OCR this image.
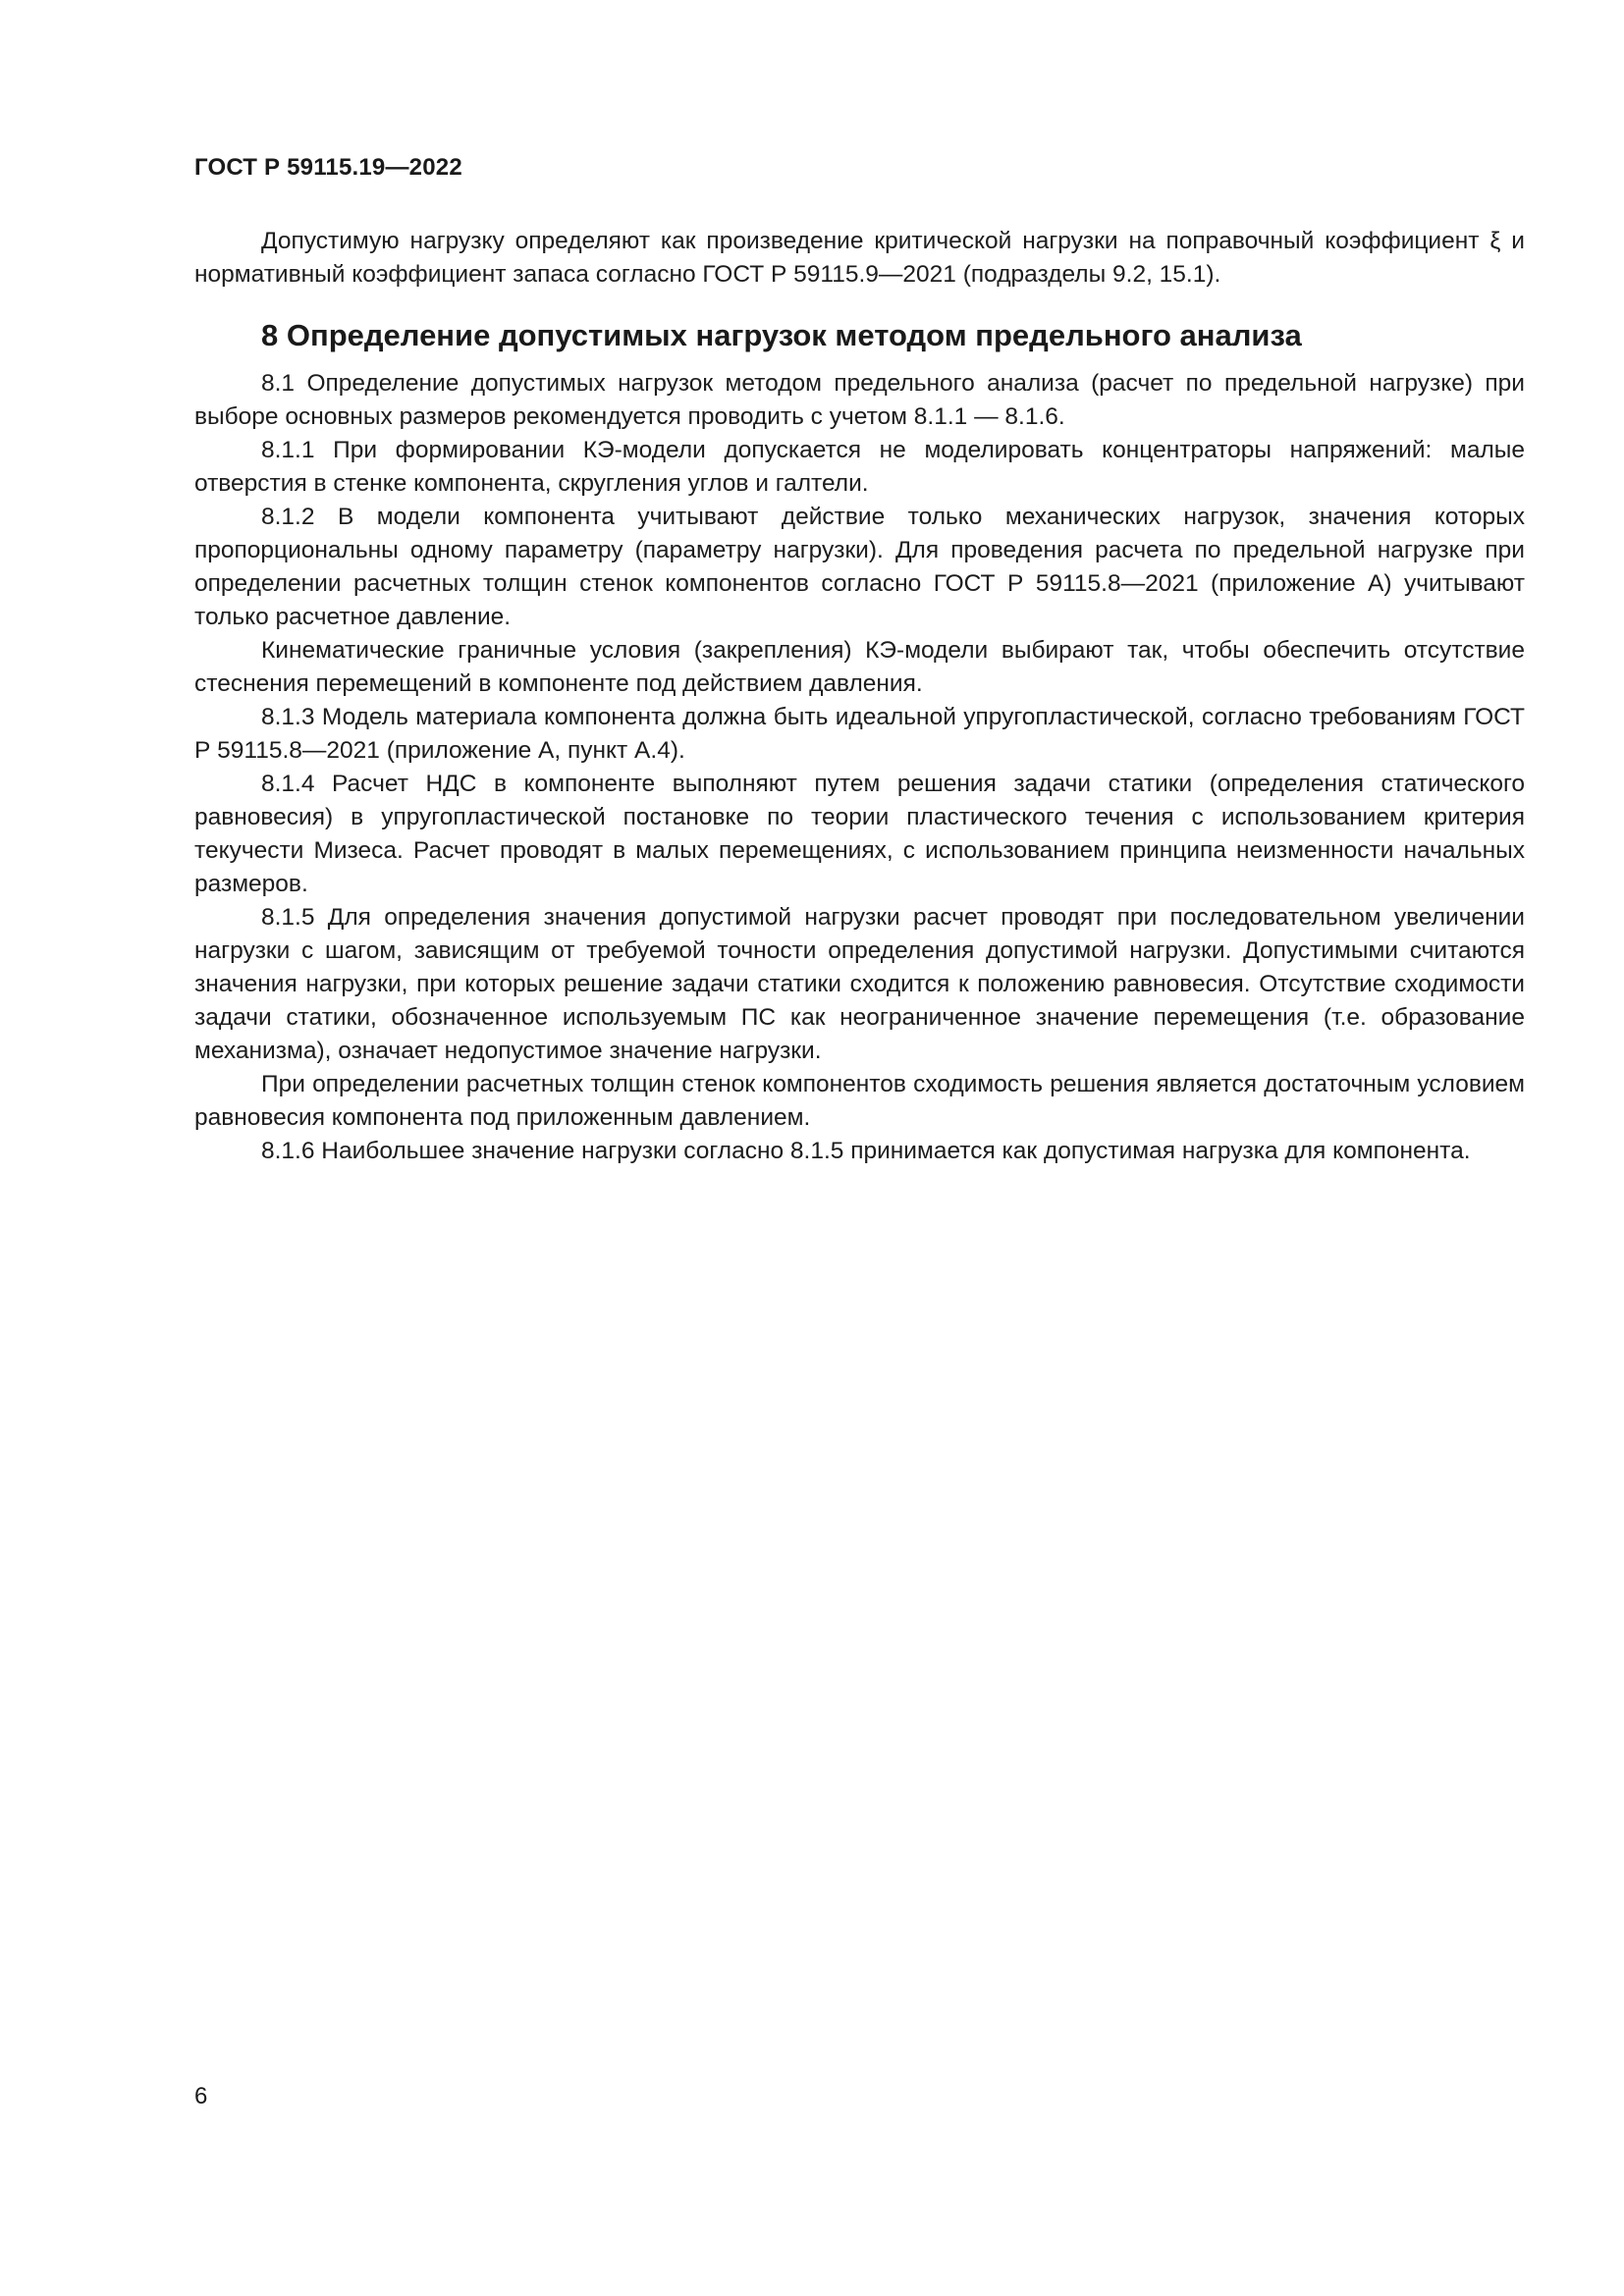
ГОСТ Р 59115.19—2022

Допустимую нагрузку определяют как произведение критической нагрузки на поправочный коэффициент ξ и нормативный коэффициент запаса согласно ГОСТ Р 59115.9—2021 (подразделы 9.2, 15.1).

8 Определение допустимых нагрузок методом предельного анализа

8.1 Определение допустимых нагрузок методом предельного анализа (расчет по предельной нагрузке) при выборе основных размеров рекомендуется проводить с учетом 8.1.1 — 8.1.6.

8.1.1 При формировании КЭ-модели допускается не моделировать концентраторы напряжений: малые отверстия в стенке компонента, скругления углов и галтели.

8.1.2 В модели компонента учитывают действие только механических нагрузок, значения которых пропорциональны одному параметру (параметру нагрузки). Для проведения расчета по предельной нагрузке при определении расчетных толщин стенок компонентов согласно ГОСТ Р 59115.8—2021 (приложение А) учитывают только расчетное давление.

Кинематические граничные условия (закрепления) КЭ-модели выбирают так, чтобы обеспечить отсутствие стеснения перемещений в компоненте под действием давления.

8.1.3 Модель материала компонента должна быть идеальной упругопластической, согласно требованиям ГОСТ Р 59115.8—2021 (приложение А, пункт А.4).

8.1.4 Расчет НДС в компоненте выполняют путем решения задачи статики (определения статического равновесия) в упругопластической постановке по теории пластического течения с использованием критерия текучести Мизеса. Расчет проводят в малых перемещениях, с использованием принципа неизменности начальных размеров.

8.1.5 Для определения значения допустимой нагрузки расчет проводят при последовательном увеличении нагрузки с шагом, зависящим от требуемой точности определения допустимой нагрузки. Допустимыми считаются значения нагрузки, при которых решение задачи статики сходится к положению равновесия. Отсутствие сходимости задачи статики, обозначенное используемым ПС как неограниченное значение перемещения (т.е. образование механизма), означает недопустимое значение нагрузки.

При определении расчетных толщин стенок компонентов сходимость решения является достаточным условием равновесия компонента под приложенным давлением.

8.1.6 Наибольшее значение нагрузки согласно 8.1.5 принимается как допустимая нагрузка для компонента.

6
